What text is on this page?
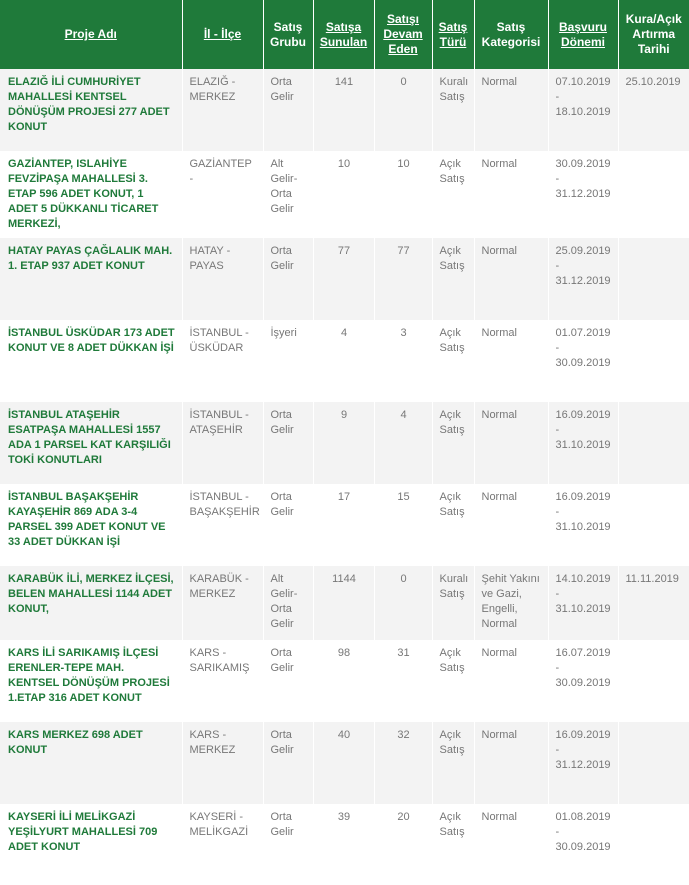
Proje Adı	İl - İlçe	Satış Grubu	Satışa Sunulan	Satışı Devam Eden	Satış Türü	Satış Kategorisi	Başvuru Dönemi	Kura/Açık Artırma Tarihi
ELAZIĞ İLİ CUMHURİYET MAHALLESİ KENTSEL DÖNÜŞÜM PROJESİ 277 ADET KONUT	ELAZIĞ - MERKEZ	Orta Gelir	141	0	Kuralı Satış	Normal	07.10.2019 - 18.10.2019	25.10.2019
GAZİANTEP, ISLAHİYE FEVZİPAŞA MAHALLESİ 3. ETAP 596 ADET KONUT, 1 ADET 5 DÜKKANLI TİCARET MERKEZİ,	GAZİANTEP -	Alt Gelir-Orta Gelir	10	10	Açık Satış	Normal	30.09.2019 - 31.12.2019	
HATAY PAYAS ÇAĞLALIK MAH. 1. ETAP 937 ADET KONUT	HATAY - PAYAS	Orta Gelir	77	77	Açık Satış	Normal	25.09.2019 - 31.12.2019	
İSTANBUL ÜSKÜDAR 173 ADET KONUT VE 8 ADET DÜKKAN İŞİ	İSTANBUL - ÜSKÜDAR	İşyeri	4	3	Açık Satış	Normal	01.07.2019 - 30.09.2019	
İSTANBUL ATAŞEHİR ESATPAŞA MAHALLESİ 1557 ADA 1 PARSEL KAT KARŞILIĞI TOKİ KONUTLARI	İSTANBUL - ATAŞEHİR	Orta Gelir	9	4	Açık Satış	Normal	16.09.2019 - 31.10.2019	
İSTANBUL BAŞAKŞEHİR KAYAŞEHİR 869 ADA 3-4 PARSEL 399 ADET KONUT VE 33 ADET DÜKKAN İŞİ	İSTANBUL - BAŞAKŞEHİR	Orta Gelir	17	15	Açık Satış	Normal	16.09.2019 - 31.10.2019	
KARABÜK İLİ, MERKEZ İLÇESİ, BELEN MAHALLESİ 1144 ADET KONUT,	KARABÜK - MERKEZ	Alt Gelir-Orta Gelir	1144	0	Kuralı Satış	Şehit Yakını ve Gazi, Engelli, Normal	14.10.2019 - 31.10.2019	11.11.2019
KARS İLİ SARIKAMIŞ İLÇESİ ERENLER-TEPE MAH. KENTSEL DÖNÜŞÜM PROJESİ 1.ETAP 316 ADET KONUT	KARS - SARIKAMIŞ	Orta Gelir	98	31	Açık Satış	Normal	16.07.2019 - 30.09.2019	
KARS MERKEZ 698 ADET KONUT	KARS - MERKEZ	Orta Gelir	40	32	Açık Satış	Normal	16.09.2019 - 31.12.2019	
KAYSERİ İLİ MELİKGAZİ YEŞİLYURT MAHALLESİ 709 ADET KONUT	KAYSERİ - MELİKGAZİ	Orta Gelir	39	20	Açık Satış	Normal	01.08.2019 - 30.09.2019	
